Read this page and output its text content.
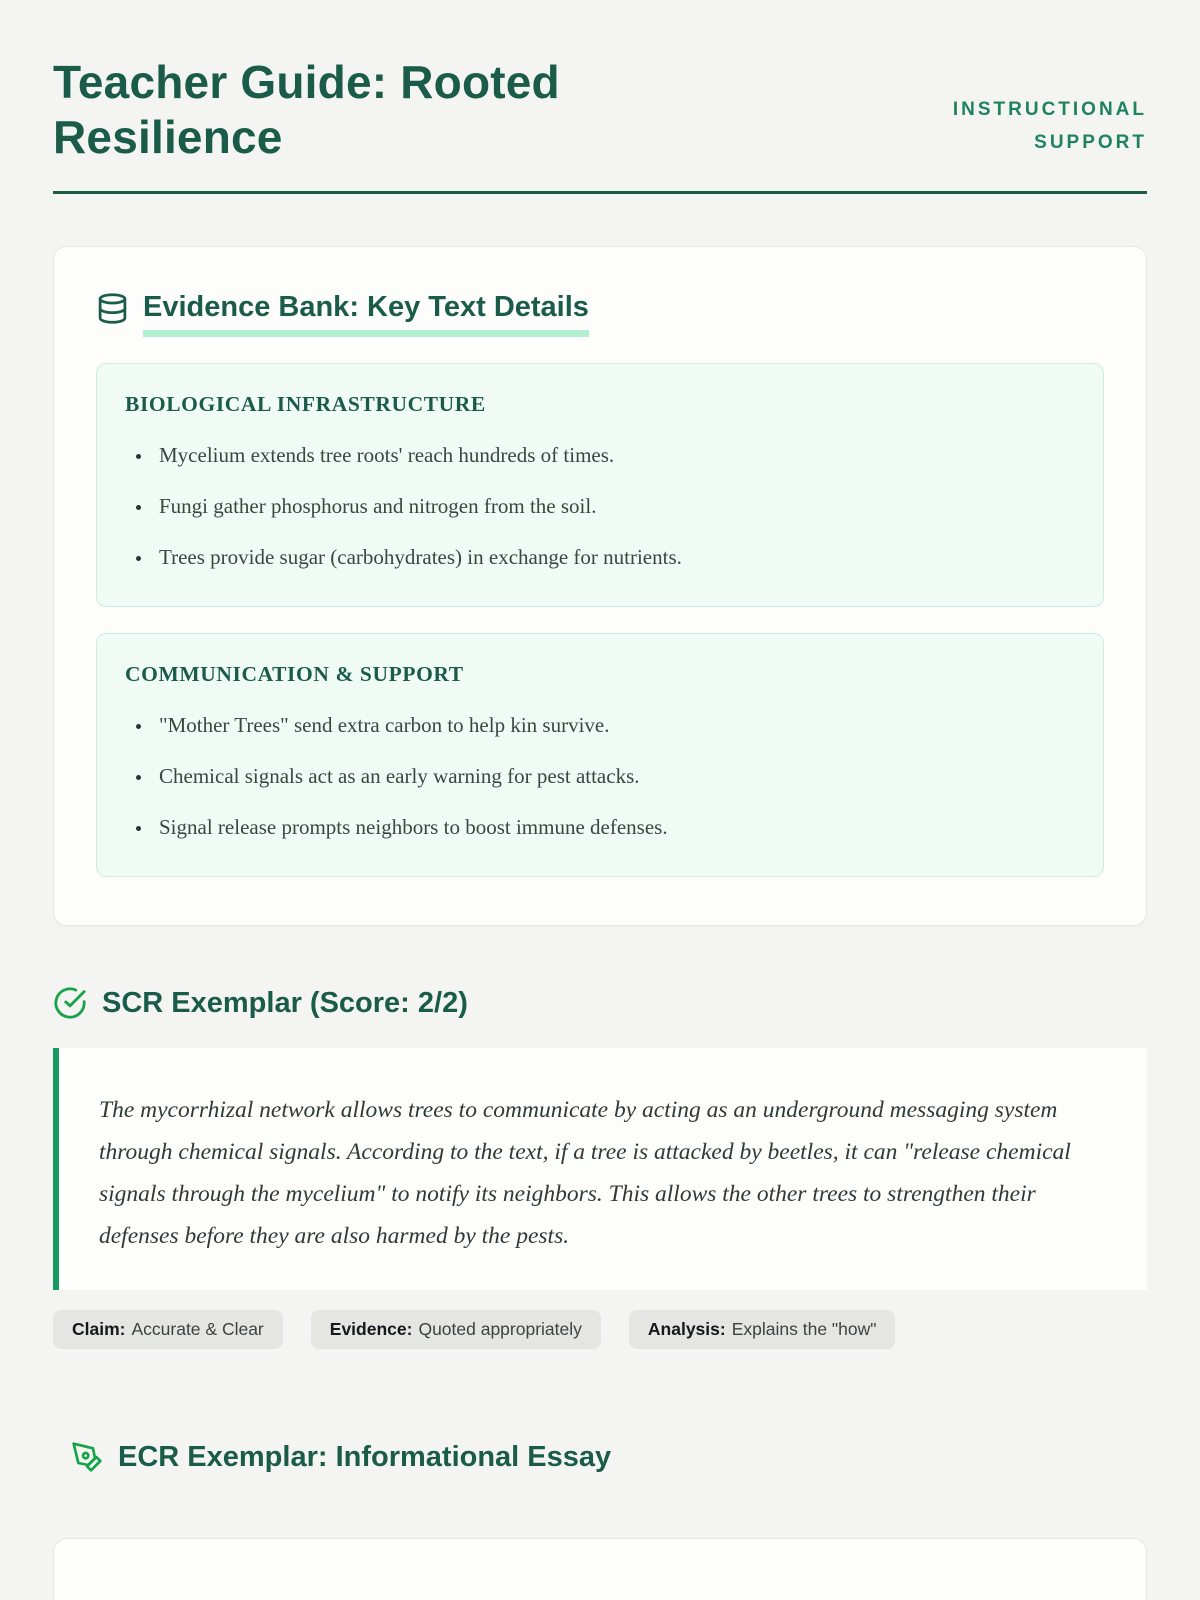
Teacher Guide: Rooted Resilience
INSTRUCTIONAL SUPPORT
Evidence Bank: Key Text Details
BIOLOGICAL INFRASTRUCTURE
• Mycelium extends tree roots' reach hundreds of times.
• Fungi gather phosphorus and nitrogen from the soil.
• Trees provide sugar (carbohydrates) in exchange for nutrients.
COMMUNICATION & SUPPORT
• "Mother Trees" send extra carbon to help kin survive.
• Chemical signals act as an early warning for pest attacks.
• Signal release prompts neighbors to boost immune defenses.
SCR Exemplar (Score: 2/2)

The mycorrhizal network allows trees to communicate by acting as an underground messaging system through chemical signals. According to the text, if a tree is attacked by beetles, it can "release chemical signals through the mycelium" to notify its neighbors. This allows the other trees to strengthen their defenses before they are also harmed by the pests.

Claim: Accurate & Clear	Evidence: Quoted appropriately	Analysis: Explains the "how"
ECR Exemplar: Informational Essay
